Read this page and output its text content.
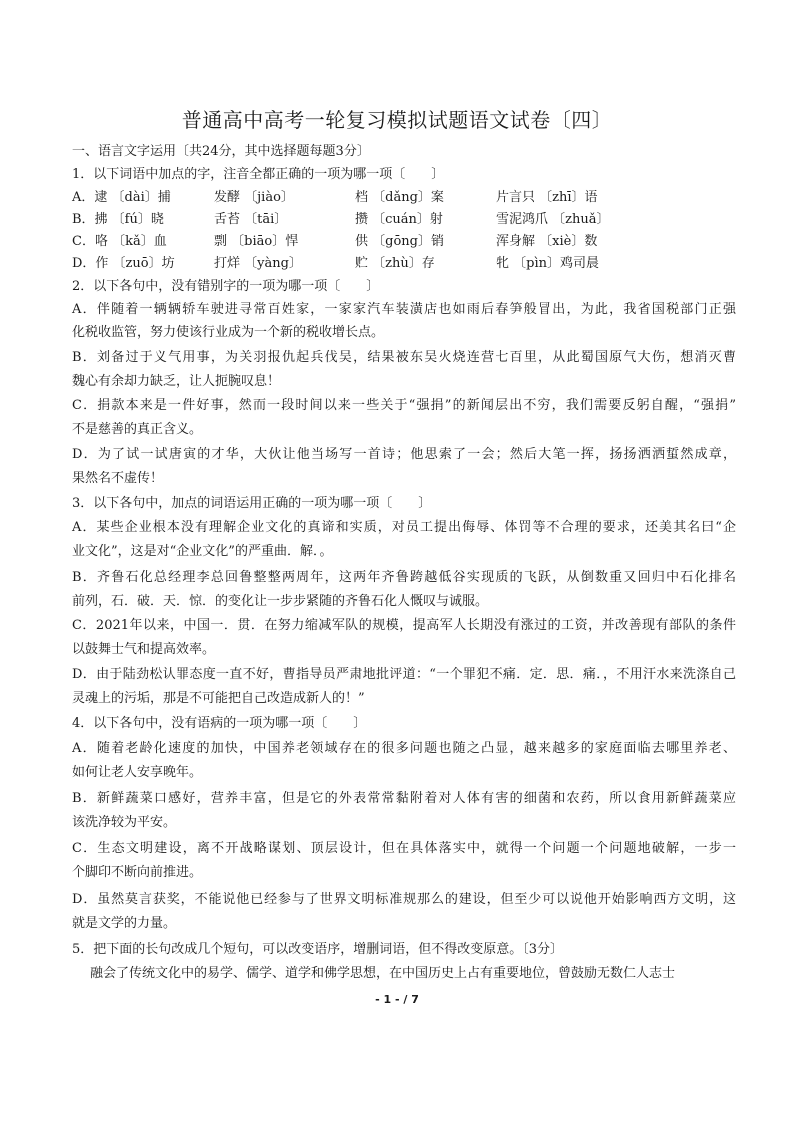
普通高中高考一轮复习模拟试题语文试卷〔四〕
一、语言文字运用〔共24分，其中选择题每题3分〕
1．以下词语中加点的字，注音全都正确的一项为哪一项〔　　〕
A．逮 〔dài〕捕	发酵 〔jiào〕	档 〔dǎng〕案	片言只 〔zhī〕语
B．拂 〔fú〕晓	舌苔 〔tāi〕	攒 〔cuán〕射	雪泥鸿爪 〔zhuǎ〕
C．咯 〔kǎ〕血	剽 〔biāo〕悍	供 〔gōng〕销	浑身解 〔xiè〕数
D．作 〔zuō〕坊	打烊 〔yàng〕	贮 〔zhù〕存	牝 〔pìn〕鸡司晨
2．以下各句中，没有错别字的一项为哪一项〔　　〕
A．伴随着一辆辆轿车驶进寻常百姓家，一家家汽车装潢店也如雨后春笋般冒出，为此，我省国税部门正强
化税收监管，努力使该行业成为一个新的税收增长点。
B．刘备过于义气用事，为关羽报仇起兵伐吴，结果被东吴火烧连营七百里，从此蜀国原气大伤，想消灭曹
魏心有余却力缺乏，让人扼腕叹息！
C．捐款本来是一件好事，然而一段时间以来一些关于“强捐”的新闻层出不穷，我们需要反躬自醒，“强捐”
不是慈善的真正含义。
D．为了试一试唐寅的才华，大伙让他当场写一首诗；他思索了一会；然后大笔一挥，扬扬洒洒蜇然成章，
果然名不虚传！
3．以下各句中，加点的词语运用正确的一项为哪一项〔　　〕
A．某些企业根本没有理解企业文化的真谛和实质，对员工提出侮辱、体罚等不合理的要求，还美其名曰“企
业文化”，这是对“企业文化”的严重曲．解．。
B．齐鲁石化总经理李总回鲁整整两周年，这两年齐鲁跨越低谷实现质的飞跃，从倒数重又回归中石化排名
前列，石．破．天．惊．的变化让一步步紧随的齐鲁石化人慨叹与诚服。
C．2021年以来，中国一．贯．在努力缩减军队的规模，提高军人长期没有涨过的工资，并改善现有部队的条件
以鼓舞士气和提高效率。
D．由于陆劲松认罪态度一直不好，曹指导员严肃地批评道：“一个罪犯不痛．定．思．痛．，不用汗水来洗涤自己
灵魂上的污垢，那是不可能把自己改造成新人的！”
4．以下各句中，没有语病的一项为哪一项〔　　〕
A．随着老龄化速度的加快，中国养老领域存在的很多问题也随之凸显，越来越多的家庭面临去哪里养老、
如何让老人安享晚年。
B．新鲜蔬菜口感好，营养丰富，但是它的外表常常黏附着对人体有害的细菌和农药，所以食用新鲜蔬菜应
该洗净较为平安。
C．生态文明建设，离不开战略谋划、顶层设计，但在具体落实中，就得一个问题一个问题地破解，一步一
个脚印不断向前推进。
D．虽然莫言获奖，不能说他已经参与了世界文明标准规那么的建设，但至少可以说他开始影响西方文明，这
就是文学的力量。
5．把下面的长句改成几个短句，可以改变语序，增删词语，但不得改变原意。〔3分〕
融会了传统文化中的易学、儒学、道学和佛学思想，在中国历史上占有重要地位，曾鼓励无数仁人志士
- 1 - / 7
